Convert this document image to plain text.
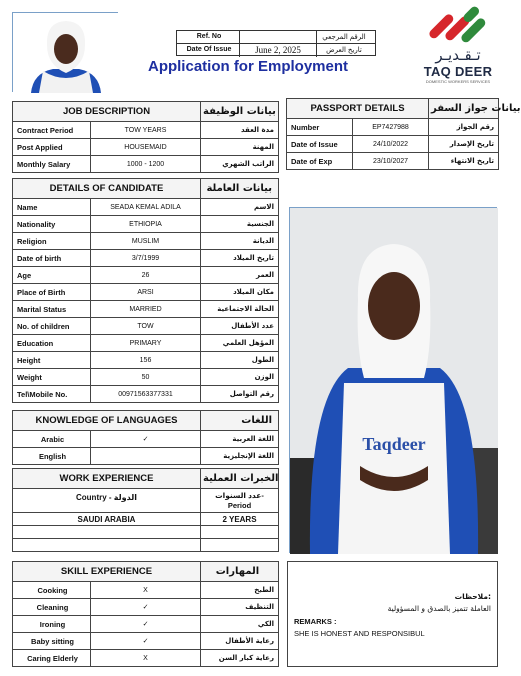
Ref. No	الرقم المرجعي
Date Of Issue	June 2, 2025	تاريخ العرض
Application for Employment
تـقـديـر
TAQ DEER
DOMESTIC WORKERS SERVICES
JOB DESCRIPTION		بيانات الوظيفة
Contract Period	TOW YEARS	مدة العقد
Post Applied	HOUSEMAID	المهنة
Monthly Salary	1000 - 1200	الراتب الشهري
PASSPORT DETAILS		بيانات جواز السفر
Number	EP7427988	رقم الجواز
Date of Issue	24/10/2022	تاريخ الإصدار
Date of Exp	23/10/2027	تاريخ الانتهاء
DETAILS OF CANDIDATE		بيانات العاملة
Name	SEADA KEMAL ADILA	الاسم
Nationality	ETHIOPIA	الجنسية
Religion	MUSLIM	الديانة
Date of birth	3/7/1999	تاريخ الميلاد
Age	26	العمر
Place of Birth	ARSI	مكان الميلاد
Marital Status	MARRIED	الحالة الاجتماعية
No. of children	TOW	عدد الأطفال
Education	PRIMARY	المؤهل العلمي
Height	156	الطول
Weight	50	الوزن
Tel\Mobile No.	00971563377331	رقم التواصل
KNOWLEDGE OF LANGUAGES		اللغات
Arabic	✓	اللغة العربية
English		اللغة الإنجليزية
WORK EXPERIENCE	الخبرات العملية
Country - الدولة	عدد السنوات-
Period

SAUDI ARABIA	2 YEARS

SKILL EXPERIENCE		المهارات
Cooking	X	الطبخ
Cleaning	✓	التنظيف
Ironing	✓	الكي
Baby sitting	✓	رعاية الأطفال
Caring Elderly	X	رعاية كبار السن
Taqdeer
ملاحظات:
العاملة تتميز بالصدق و المسؤولية
REMARKS :
SHE IS HONEST AND RESPONSIBUL
